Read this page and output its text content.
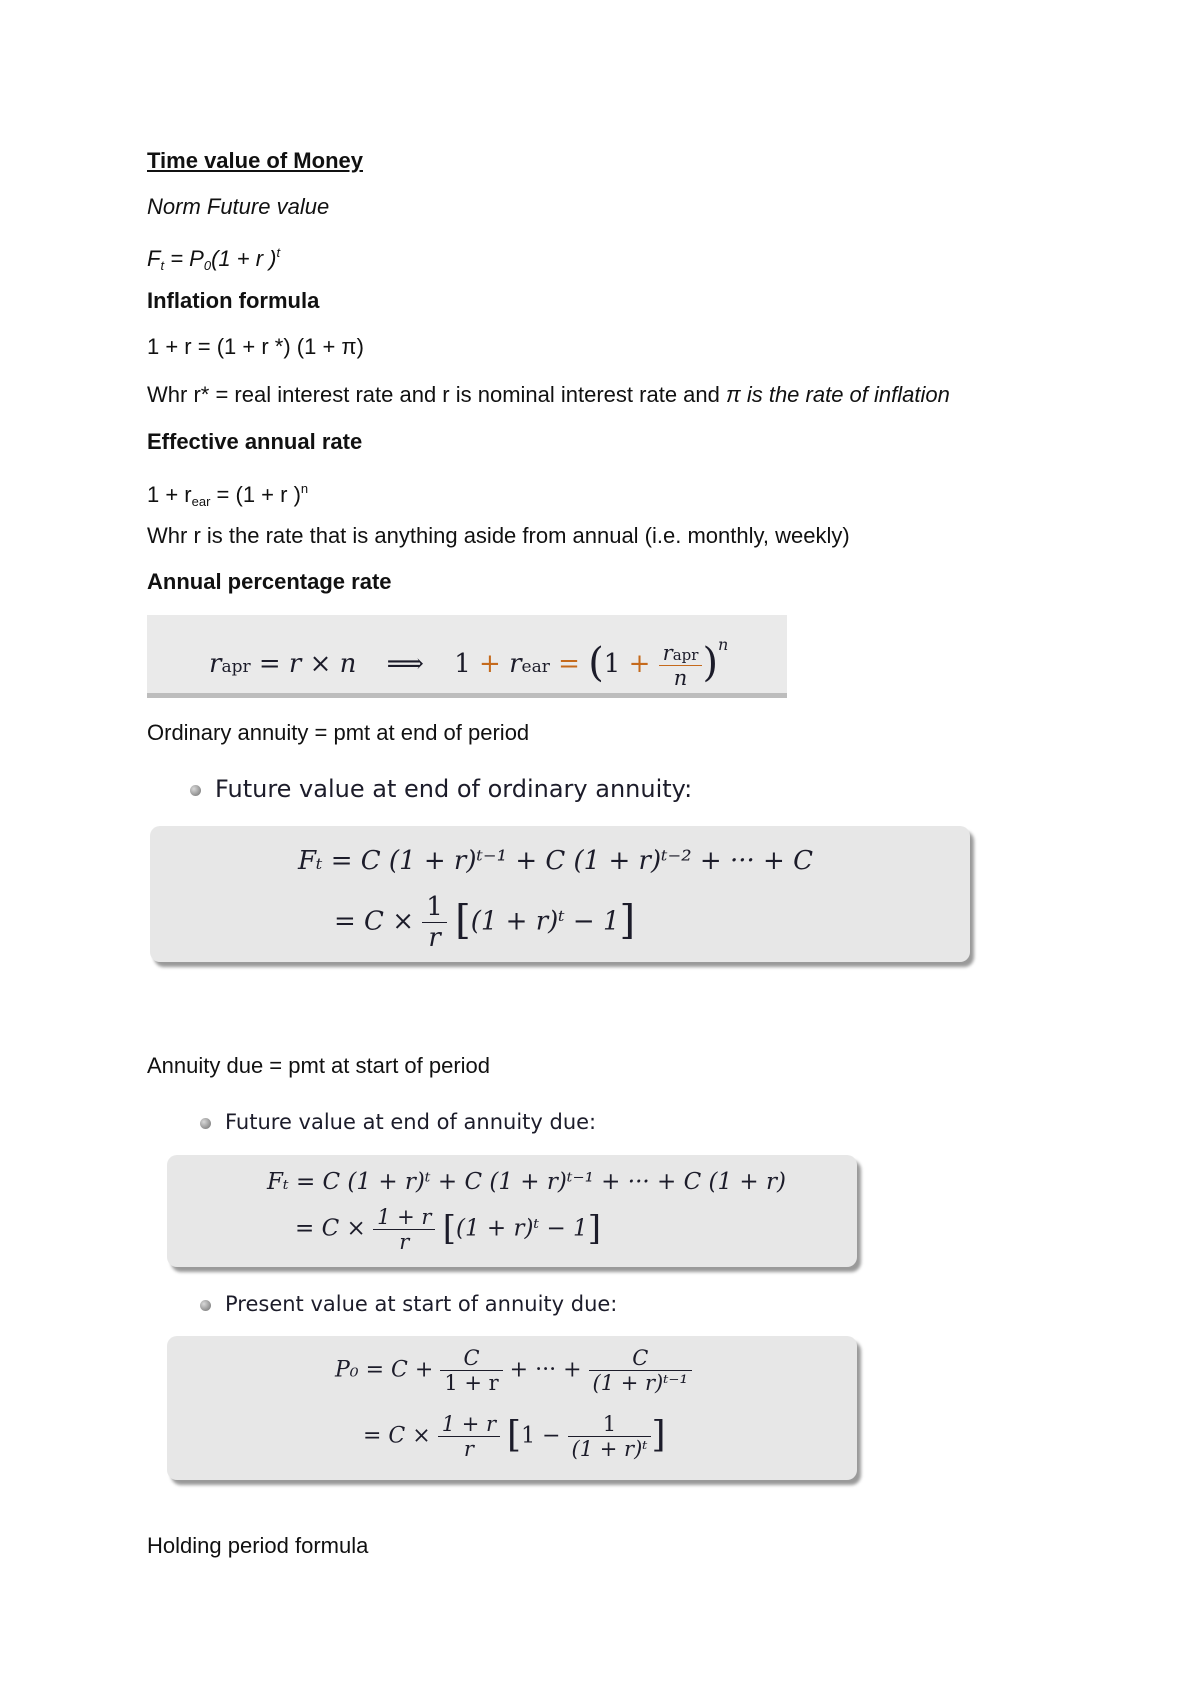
Time value of Money
Norm Future value
$F_t = P_0(1 + r$ )$^t$
Inflation formula
1 + r = (1 + r *) (1 + π)
Whr r* = real interest rate and r is nominal interest rate and π is the rate of inflation
Effective annual rate
$1 + r_{ear} = (1 + r$ )$^n$
Whr r is the rate that is anything aside from annual (i.e. monthly, weekly)
Annual percentage rate
rapr = r × n ⟹ 1 + rear = $(1 + \frac{\text{rapr}}{n} )^n$
Ordinary annuity = pmt at end of period
Future value at end of ordinary annuity:
Fₜ = C (1 + r)ᵗ⁻¹ + C (1 + r)ᵗ⁻² + ··· + C
= $C \times \frac{1}{r} [(1$ + r)ᵗ − 1]
Annuity due = pmt at start of period
Future value at end of annuity due:
Fₜ = C (1 + r)ᵗ + C (1 + r)ᵗ⁻¹ + ··· + C (1 + r)
= $C \times \frac{1 + r}{r} [(1$ + r)ᵗ − 1]
Present value at start of annuity due:
$P_0 = C + \frac{C}{1 + r}$ + ··· + $\frac{C}{\text{(1 + r)ᵗ⁻¹}}$
= $C \times \frac{1 + r}{r} [1 - \frac{1}{\text{(1 + r)ᵗ}}$ ]
Holding period formula
